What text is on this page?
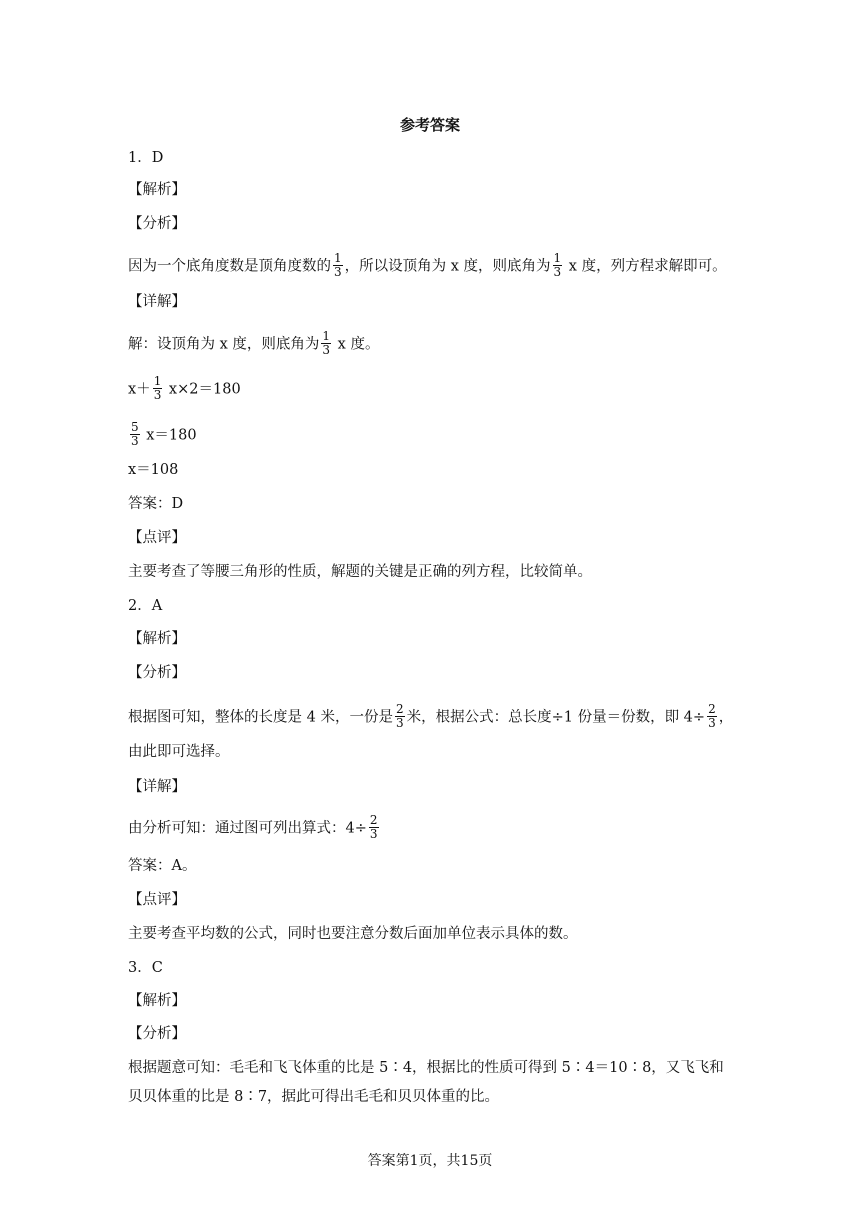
参考答案
1．D
【解析】
【分析】
因为一个底角度数是顶角度数的 $\frac{1}{3}$ ，所以设顶角为 x 度，则底角为 $\frac{1}{3}$ x 度，列方程求解即可。
【详解】
解：设顶角为 x 度，则底角为 $\frac{1}{3}$ x 度。
$x+ \frac{1}{3} x\times 2=180$
$\frac{5}{3} x=180$
x＝108
答案：D
【点评】
主要考查了等腰三角形的性质，解题的关键是正确的列方程，比较简单。
2．A
【解析】
【分析】
根据图可知，整体的长度是 4 米，一份是 $\frac{2}{3}$ 米，根据公式：总长度÷1 份量＝份数，即 $4\div \frac{2}{3}$ ，
由此即可选择。
【详解】
由分析可知：通过图可列出算式：$4\div \frac{2}{3}$
答案：A。
【点评】
主要考查平均数的公式，同时也要注意分数后面加单位表示具体的数。
3．C
【解析】
【分析】
根据题意可知：毛毛和飞飞体重的比是 5∶4，根据比的性质可得到 5∶4＝10∶8，又飞飞和
贝贝体重的比是 8∶7，据此可得出毛毛和贝贝体重的比。
答案第1页，共15页
